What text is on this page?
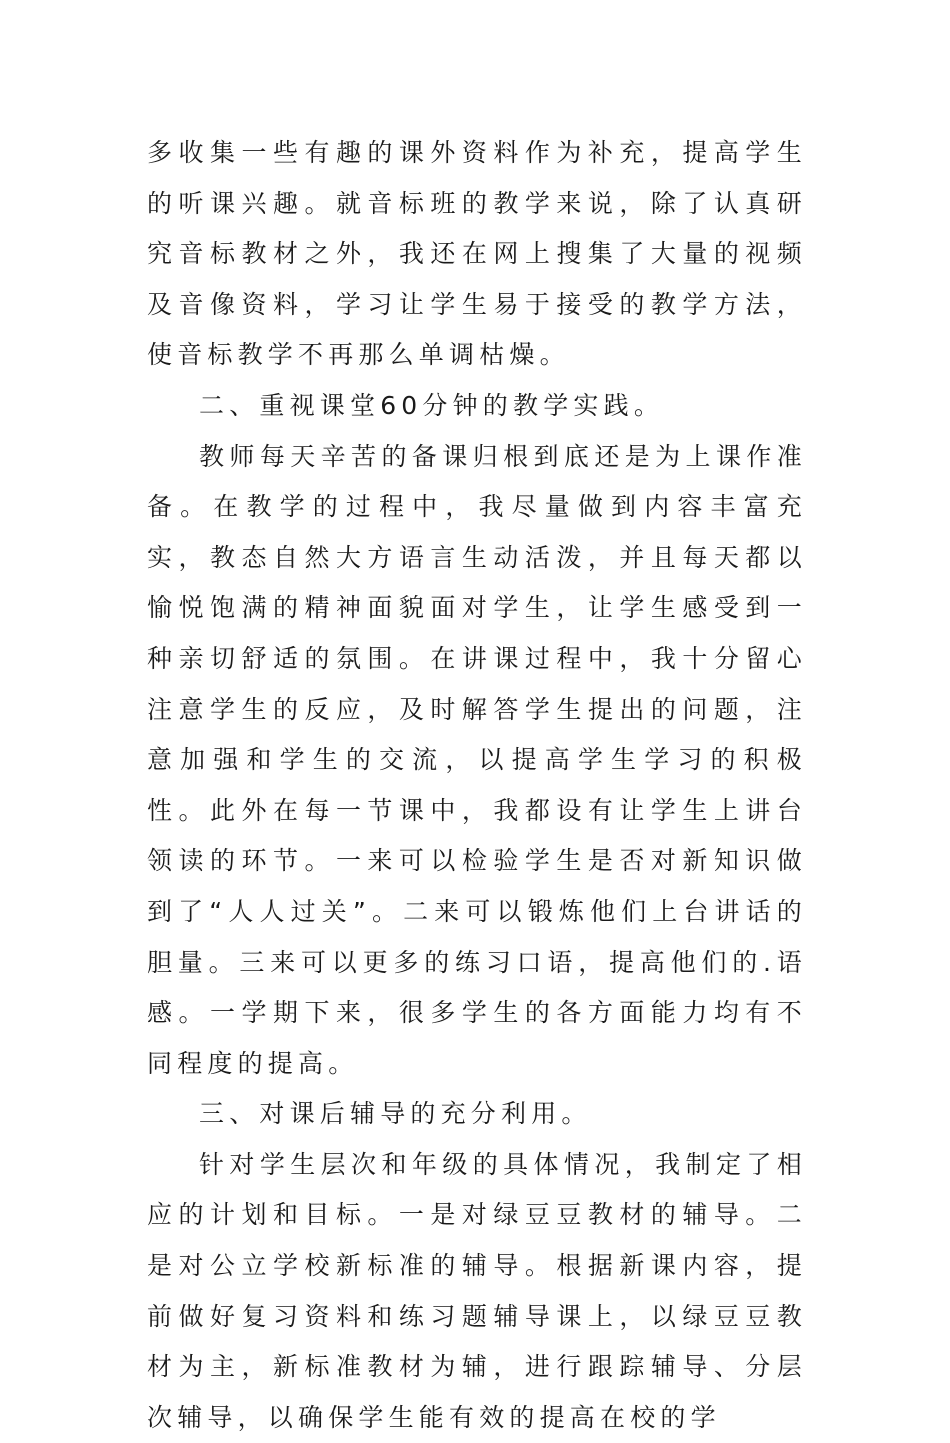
多收集一些有趣的课外资料作为补充，提高学生的听课兴趣。就音标班的教学来说，除了认真研究音标教材之外，我还在网上搜集了大量的视频及音像资料，学习让学生易于接受的教学方法，使音标教学不再那么单调枯燥。

二、重视课堂60分钟的教学实践。

教师每天辛苦的备课归根到底还是为上课作准备。在教学的过程中，我尽量做到内容丰富充实，教态自然大方语言生动活泼，并且每天都以愉悦饱满的精神面貌面对学生，让学生感受到一种亲切舒适的氛围。在讲课过程中，我十分留心注意学生的反应，及时解答学生提出的问题，注意加强和学生的交流，以提高学生学习的积极性。此外在每一节课中，我都设有让学生上讲台领读的环节。一来可以检验学生是否对新知识做到了“人人过关”。二来可以锻炼他们上台讲话的胆量。三来可以更多的练习口语，提高他们的.语感。一学期下来，很多学生的各方面能力均有不同程度的提高。

三、对课后辅导的充分利用。

针对学生层次和年级的具体情况，我制定了相应的计划和目标。一是对绿豆豆教材的辅导。二是对公立学校新标准的辅导。根据新课内容，提前做好复习资料和练习题辅导课上，以绿豆豆教材为主，新标准教材为辅，进行跟踪辅导、分层次辅导，以确保学生能有效的提高在校的学
